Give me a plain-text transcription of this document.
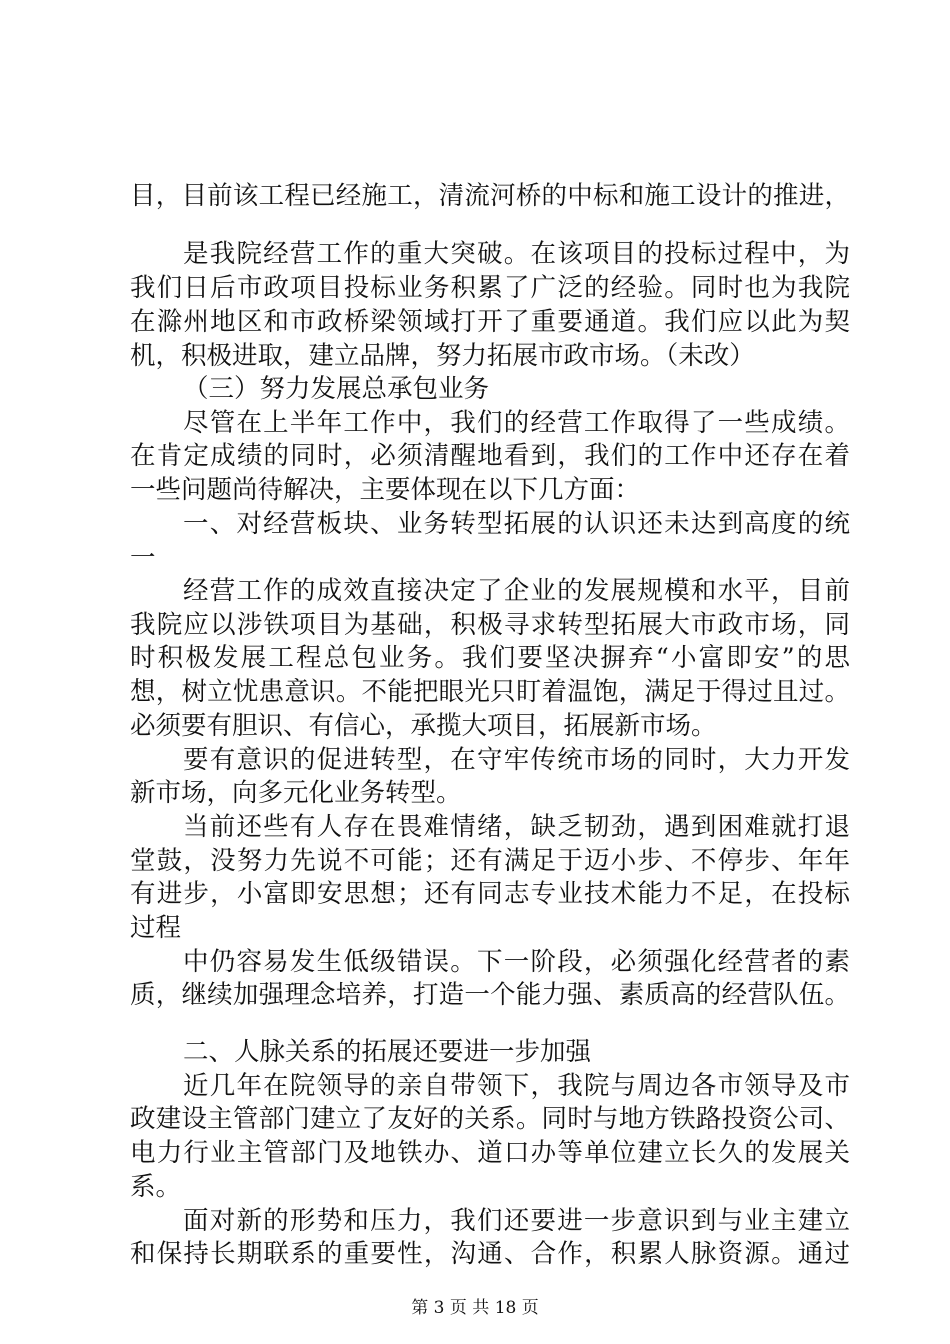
目，目前该工程已经施工，清流河桥的中标和施工设计的推进，
是我院经营工作的重大突破。在该项目的投标过程中，为
我们日后市政项目投标业务积累了广泛的经验。同时也为我院
在滁州地区和市政桥梁领域打开了重要通道。我们应以此为契
机，积极进取，建立品牌，努力拓展市政市场。（未改）
（三）努力发展总承包业务
尽管在上半年工作中，我们的经营工作取得了一些成绩。
在肯定成绩的同时，必须清醒地看到，我们的工作中还存在着
一些问题尚待解决，主要体现在以下几方面：
一、对经营板块、业务转型拓展的认识还未达到高度的统
一
经营工作的成效直接决定了企业的发展规模和水平，目前
我院应以涉铁项目为基础，积极寻求转型拓展大市政市场，同
时积极发展工程总包业务。我们要坚决摒弃“小富即安”的思
想，树立忧患意识。不能把眼光只盯着温饱，满足于得过且过。
必须要有胆识、有信心，承揽大项目，拓展新市场。
要有意识的促进转型，在守牢传统市场的同时，大力开发
新市场，向多元化业务转型。
当前还些有人存在畏难情绪，缺乏韧劲，遇到困难就打退
堂鼓，没努力先说不可能；还有满足于迈小步、不停步、年年
有进步，小富即安思想；还有同志专业技术能力不足，在投标
过程
中仍容易发生低级错误。下一阶段，必须强化经营者的素
质，继续加强理念培养，打造一个能力强、素质高的经营队伍。
二、人脉关系的拓展还要进一步加强
近几年在院领导的亲自带领下，我院与周边各市领导及市
政建设主管部门建立了友好的关系。同时与地方铁路投资公司、
电力行业主管部门及地铁办、道口办等单位建立长久的发展关
系。
面对新的形势和压力，我们还要进一步意识到与业主建立
和保持长期联系的重要性，沟通、合作，积累人脉资源。通过
第 3 页 共 18 页
